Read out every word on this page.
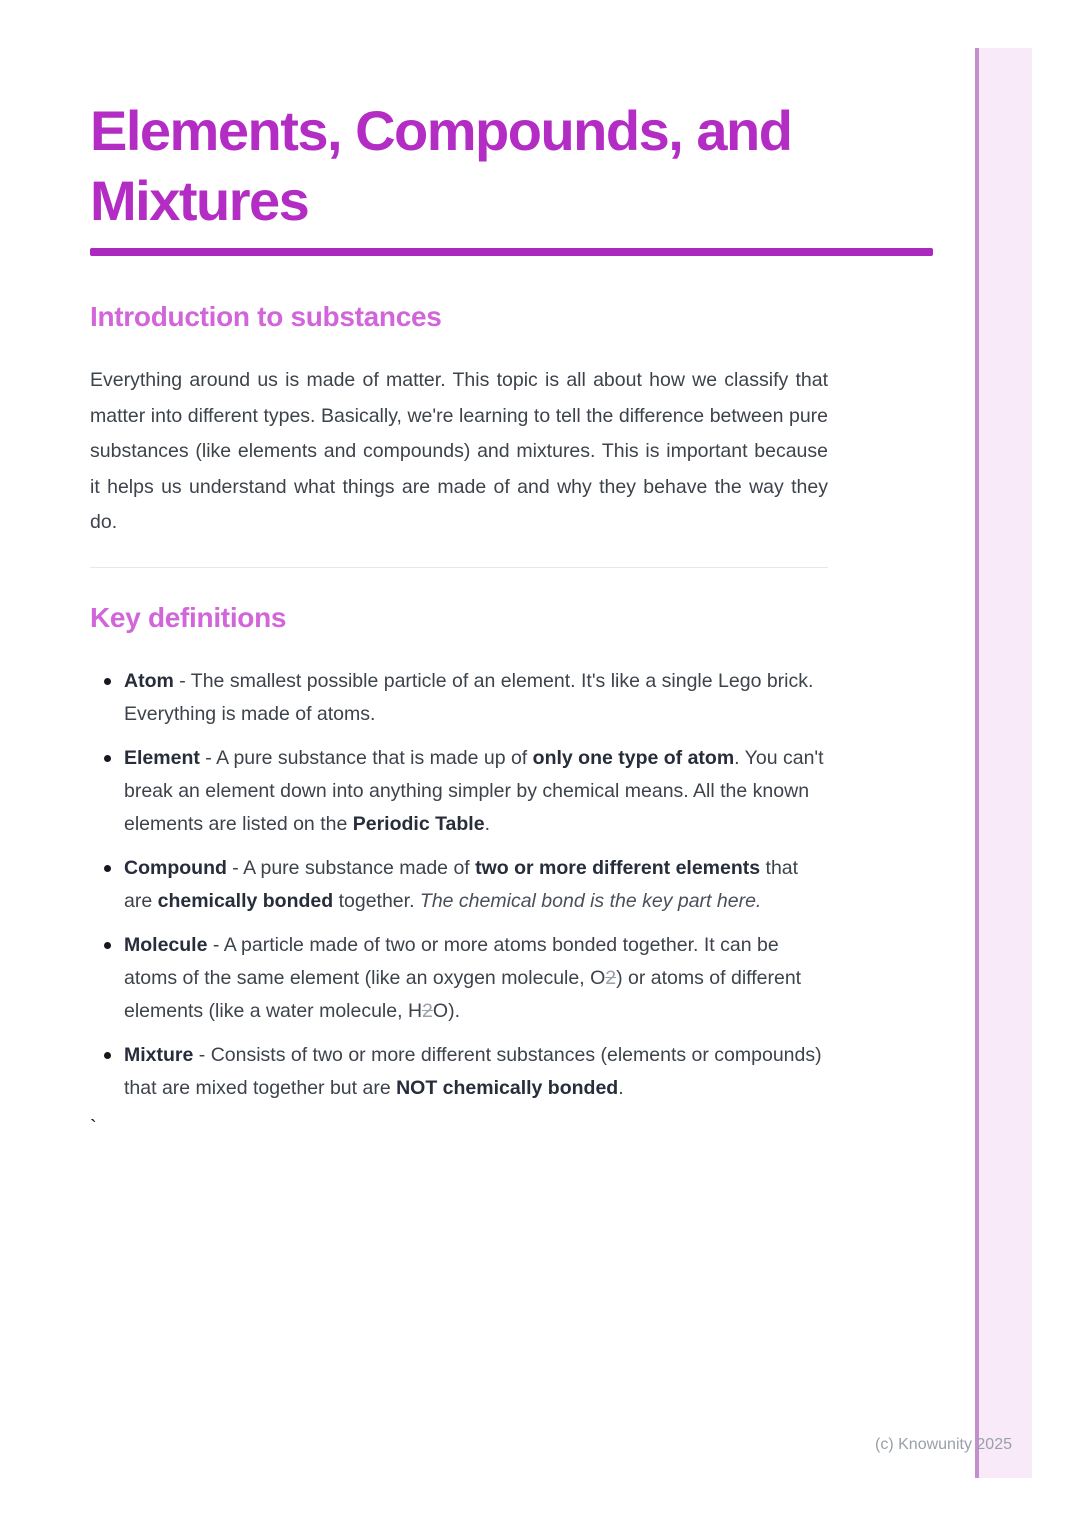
Elements, Compounds, and Mixtures
Introduction to substances

Everything around us is made of matter. This topic is all about how we classify that matter into different types. Basically, we're learning to tell the difference between pure substances (like elements and compounds) and mixtures. This is important because it helps us understand what things are made of and why they behave the way they do.

Key definitions
Atom - The smallest possible particle of an element. It's like a single Lego brick. Everything is made of atoms.
Element - A pure substance that is made up of only one type of atom. You can't break an element down into anything simpler by chemical means. All the known elements are listed on the Periodic Table.
Compound - A pure substance made of two or more different elements that are chemically bonded together. The chemical bond is the key part here.
Molecule - A particle made of two or more atoms bonded together. It can be atoms of the same element (like an oxygen molecule, O2) or atoms of different elements (like a water molecule, H2O).
Mixture - Consists of two or more different substances (elements or compounds) that are mixed together but are NOT chemically bonded.
`
(c) Knowunity 2025
